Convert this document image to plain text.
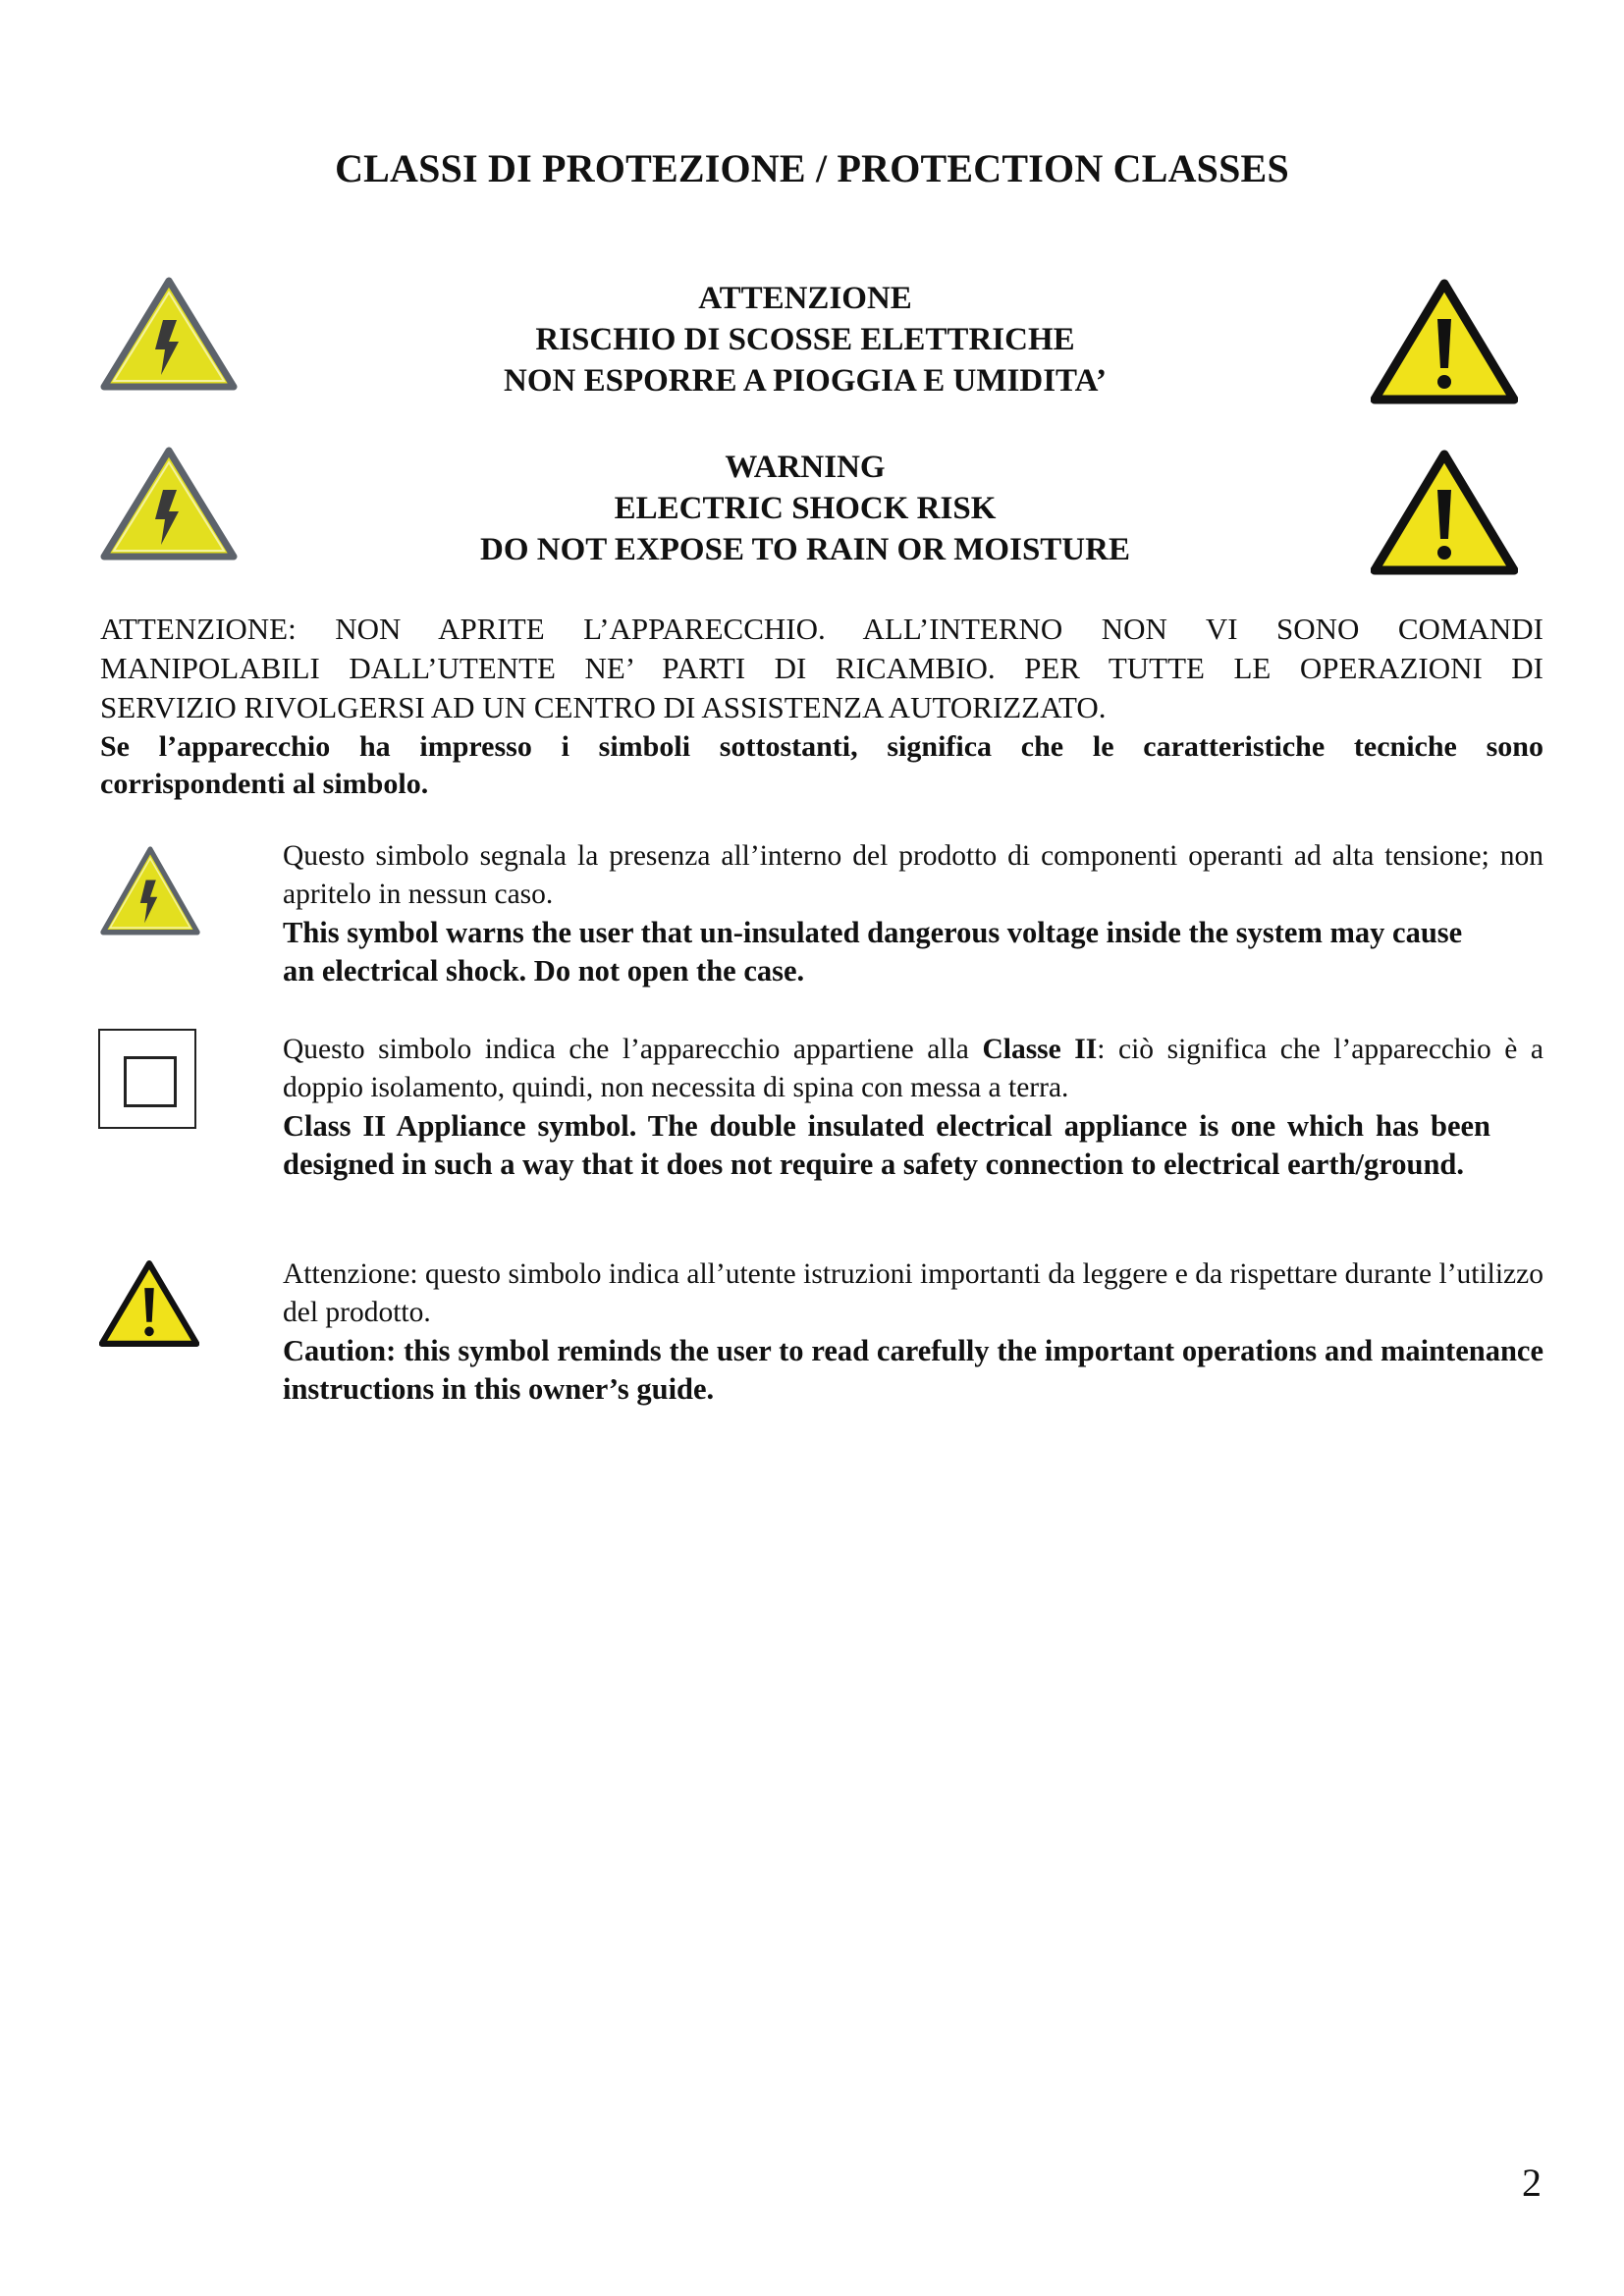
CLASSI DI PROTEZIONE / PROTECTION CLASSES
ATTENZIONE
RISCHIO DI SCOSSE ELETTRICHE
NON ESPORRE A PIOGGIA E UMIDITA’
WARNING
ELECTRIC SHOCK RISK
DO NOT EXPOSE TO RAIN OR MOISTURE
ATTENZIONE: NON APRITE L’APPARECCHIO. ALL’INTERNO NON VI SONO COMANDI
MANIPOLABILI DALL’UTENTE NE’ PARTI DI RICAMBIO. PER TUTTE LE OPERAZIONI DI
SERVIZIO RIVOLGERSI AD UN CENTRO DI ASSISTENZA AUTORIZZATO.
Se l’apparecchio ha impresso i simboli sottostanti, significa che le caratteristiche tecniche sono
corrispondenti al simbolo.
Questo simbolo segnala la presenza all’interno del prodotto di componenti operanti ad alta tensione; non apritelo in nessun caso.
This symbol warns the user that un-insulated dangerous voltage inside the system may cause an electrical shock. Do not open the case.
Questo simbolo indica che l’apparecchio appartiene alla Classe II: ciò significa che l’apparecchio è a doppio isolamento, quindi, non necessita di spina con messa a terra.
Class II Appliance symbol. The double insulated electrical appliance is one which has been designed in such a way that it does not require a safety connection to electrical earth/ground.
Attenzione: questo simbolo indica all’utente istruzioni importanti da leggere e da rispettare durante l’utilizzo del prodotto.
Caution: this symbol reminds the user to read carefully the important operations and maintenance instructions in this owner’s guide.
2
